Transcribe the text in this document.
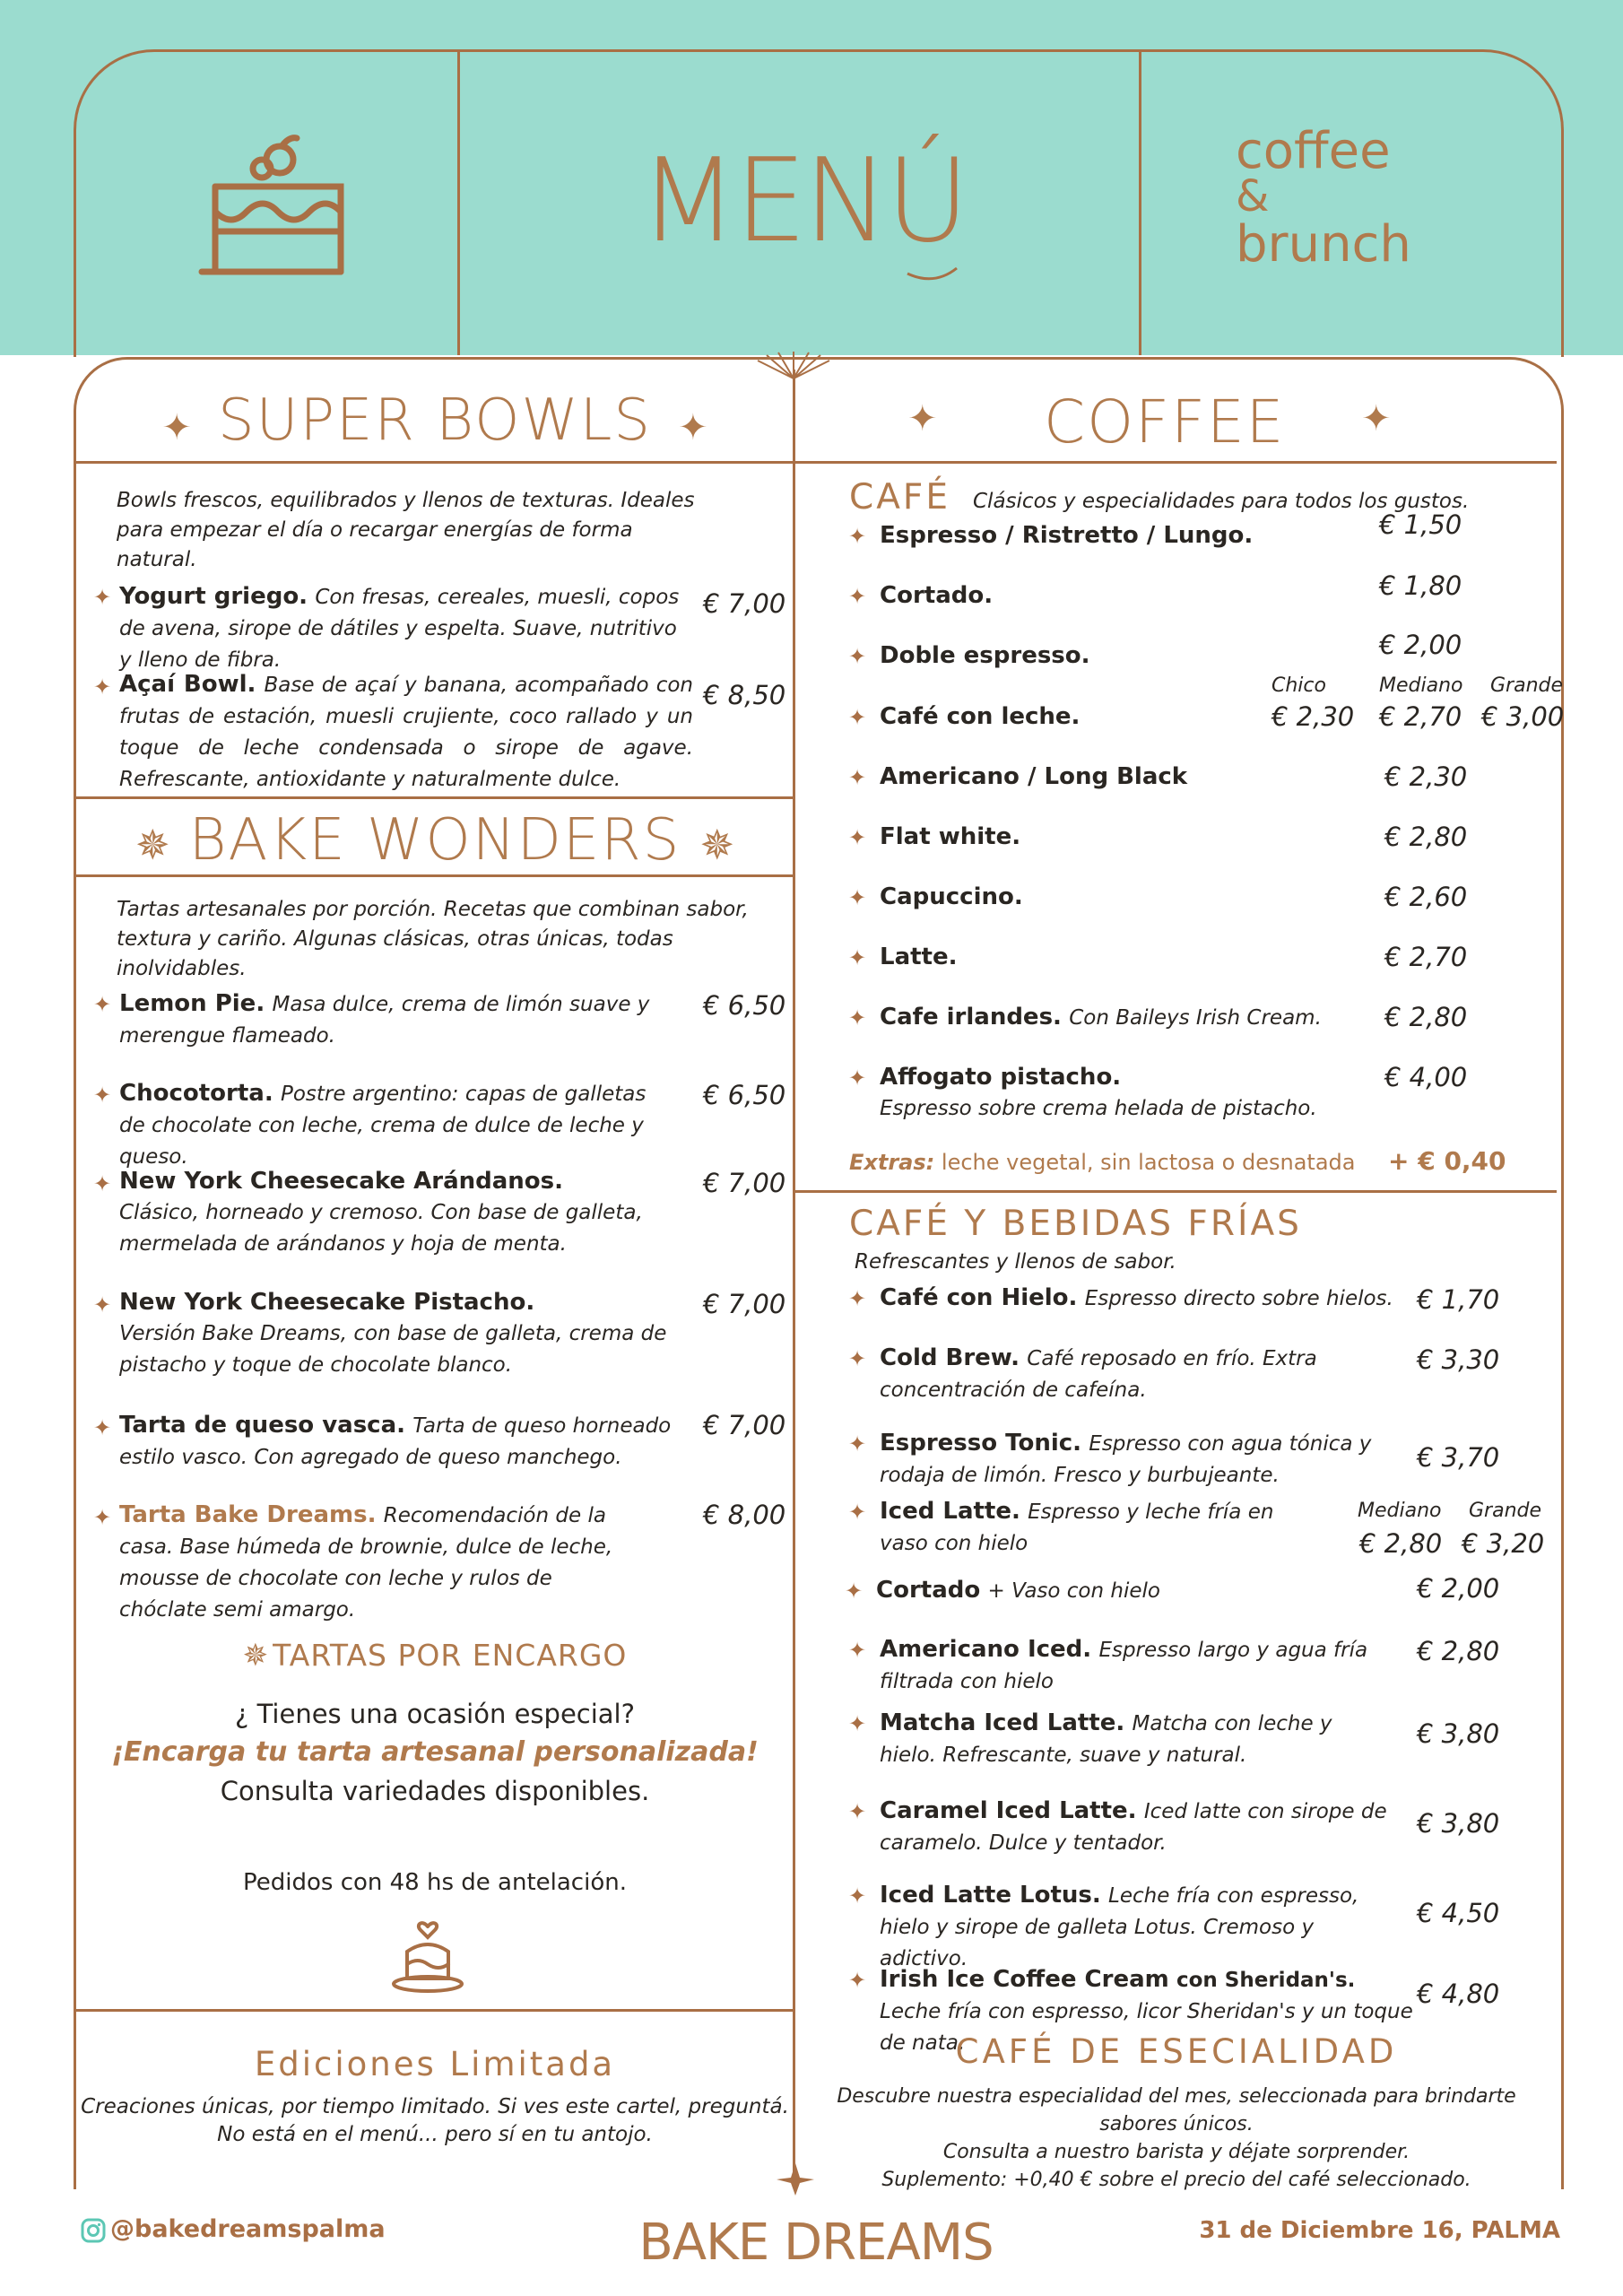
MENÚ	coffee
&
brunch
✦ SUPER BOWLS ✦
Bowls frescos, equilibrados y llenos de texturas. Ideales para empezar el día o recargar energías de forma natural.
✦ Yogurt griego. Con fresas, cereales, muesli, copos de avena, sirope de dátiles y espelta. Suave, nutritivo y lleno de fibra.
€ 7,00
✦ Açaí Bowl. Base de açaí y banana, acompañado con frutas de estación, muesli crujiente, coco rallado y un toque de leche condensada o sirope de agave. Refrescante, antioxidante y naturalmente dulce.
€ 8,50
✵ BAKE WONDERS ✵
Tartas artesanales por porción. Recetas que combinan sabor, textura y cariño. Algunas clásicas, otras únicas, todas inolvidables.
✦ Lemon Pie. Masa dulce, crema de limón suave y merengue flameado.
€ 6,50
✦ Chocotorta. Postre argentino: capas de galletas de chocolate con leche, crema de dulce de leche y queso.
€ 6,50
✦ New York Cheesecake Arándanos.
Clásico, horneado y cremoso. Con base de galleta, mermelada de arándanos y hoja de menta.
€ 7,00
✦ New York Cheesecake Pistacho.
Versión Bake Dreams, con base de galleta, crema de pistacho y toque de chocolate blanco.
€ 7,00
✦ Tarta de queso vasca. Tarta de queso horneado estilo vasco. Con agregado de queso manchego.
€ 7,00
✦ Tarta Bake Dreams. Recomendación de la casa. Base húmeda de brownie, dulce de leche, mousse de chocolate con leche y rulos de chóclate semi amargo.
€ 8,00
✵ TARTAS POR ENCARGO
¿ Tienes una ocasión especial?
¡Encarga tu tarta artesanal personalizada!
Consulta variedades disponibles.
Pedidos con 48 hs de antelación.
Ediciones Limitada
Creaciones únicas, por tiempo limitado. Si ves este cartel, preguntá.
No está en el menú... pero sí en tu antojo.
✦ COFFEE ✦
CAFÉ Clásicos y especialidades para todos los gustos.
✦ Espresso / Ristretto / Lungo.	€ 1,50
✦ Cortado.	€ 1,80
✦ Doble espresso.	€ 2,00
Chico	Mediano Grande
✦ Café con leche.	€ 2,30 € 2,70 € 3,00
✦ Americano / Long Black	€ 2,30
✦ Flat white.	€ 2,80
✦ Capuccino.	€ 2,60
✦ Latte.	€ 2,70
✦ Cafe irlandes. Con Baileys Irish Cream. € 2,80
✦ Affogato pistacho.
Espresso sobre crema helada de pistacho.
€ 4,00
Extras: leche vegetal, sin lactosa o desnatada + € 0,40
CAFÉ Y BEBIDAS FRÍAS
Refrescantes y llenos de sabor.
✦ Café con Hielo. Espresso directo sobre hielos. € 1,70
✦ Cold Brew. Café reposado en frío. Extra concentración de cafeína.
€ 3,30
✦ Espresso Tonic. Espresso con agua tónica y rodaja de limón. Fresco y burbujeante.
€ 3,70
Mediano Grande
✦ Iced Latte. Espresso y leche fría en vaso con hielo	€ 2,80 € 3,20
✦ Cortado + Vaso con hielo	€ 2,00
✦ Americano Iced. Espresso largo y agua fría filtrada con hielo
€ 2,80
✦ Matcha Iced Latte. Matcha con leche y hielo. Refrescante, suave y natural.
€ 3,80
✦ Caramel Iced Latte. Iced latte con sirope de caramelo. Dulce y tentador.
€ 3,80
✦ Iced Latte Lotus. Leche fría con espresso, hielo y sirope de galleta Lotus. Cremoso y adictivo.
€ 4,50
✦ Irish Ice Coffee Cream con Sheridan's.
Leche fría con espresso, licor Sheridan's y un toque de nata.
€ 4,80
CAFÉ DE ESECIALIDAD
Descubre nuestra especialidad del mes, seleccionada para brindarte
sabores únicos.
Consulta a nuestro barista y déjate sorprender.
Suplemento: +0,40 € sobre el precio del café seleccionado.
@bakedreamspalma	BAKE DREAMS	31 de Diciembre 16, PALMA
